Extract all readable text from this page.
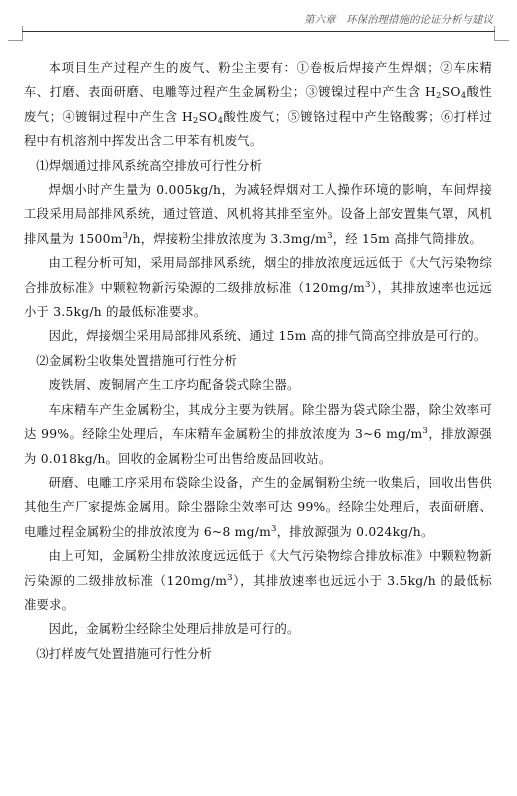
第六章　环保治理措施的论证分析与建议

本项目生产过程产生的废气、粉尘主要有：①卷板后焊接产生焊烟；②车床精车、打磨、表面研磨、电雕等过程产生金属粉尘；③镀镍过程中产生含 $H_2SO_4$酸性废气；④镀铜过程中产生含 $H_2SO_4$酸性废气；⑤镀铬过程中产生铬酸雾；⑥打样过程中有机溶剂中挥发出含二甲苯有机废气。

⑴焊烟通过排风系统高空排放可行性分析

焊烟小时产生量为 0.005kg/h，为减轻焊烟对工人操作环境的影响，车间焊接工段采用局部排风系统，通过管道、风机将其排至室外。设备上部安置集气罩，风机排风量为 $1500m^3/h$，焊接粉尘排放浓度为 $3.3mg/m^3$，经 15m 高排气筒排放。

由工程分析可知，采用局部排风系统，烟尘的排放浓度远远低于《大气污染物综合排放标准》中颗粒物新污染源的二级排放标准$(120mg/m^3)$，其排放速率也远远小于 3.5kg/h 的最低标准要求。

因此，焊接烟尘采用局部排风系统、通过 15m 高的排气筒高空排放是可行的。

⑵金属粉尘收集处置措施可行性分析

废铁屑、废铜屑产生工序均配备袋式除尘器。

车床精车产生金属粉尘，其成分主要为铁屑。除尘器为袋式除尘器，除尘效率可达 99%。经除尘处理后，车床精车金属粉尘的排放浓度为 3~6 $mg/m^3$，排放源强为 0.018kg/h。回收的金属粉尘可出售给废品回收站。

研磨、电雕工序采用布袋除尘设备，产生的金属铜粉尘统一收集后，回收出售供其他生产厂家提炼金属用。除尘器除尘效率可达 99%。经除尘处理后，表面研磨、电雕过程金属粉尘的排放浓度为 6~8 $mg/m^3$，排放源强为 0.024kg/h。

由上可知，金属粉尘排放浓度远远低于《大气污染物综合排放标准》中颗粒物新污染源的二级排放标准$(120mg/m^3)$，其排放速率也远远小于 3.5kg/h 的最低标准要求。

因此，金属粉尘经除尘处理后排放是可行的。

⑶打样废气处置措施可行性分析
